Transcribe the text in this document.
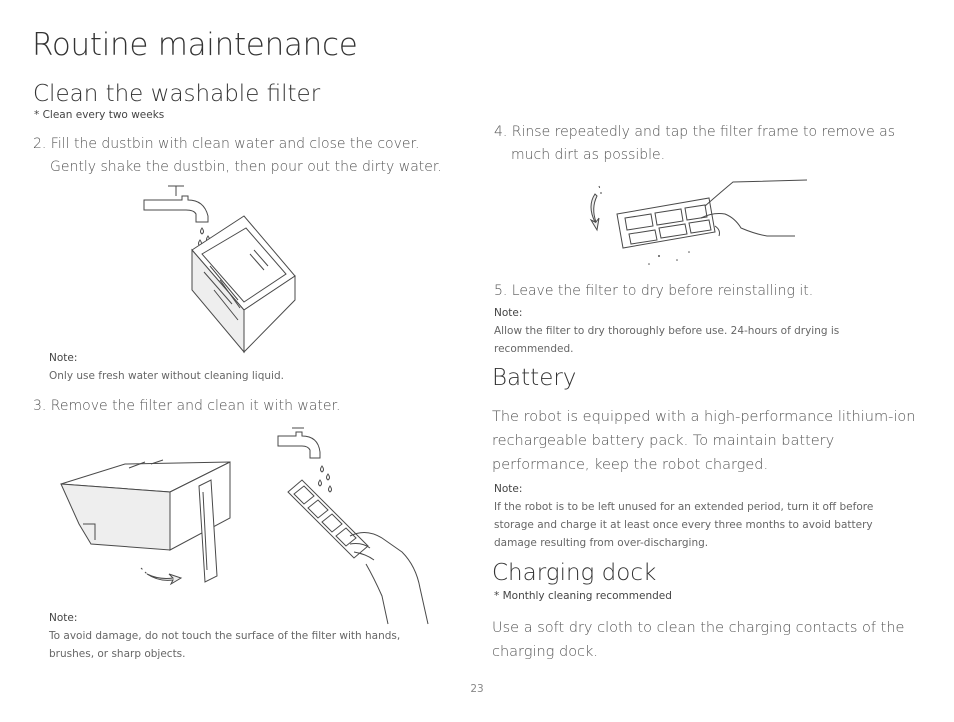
Routine maintenance
Clean the washable filter
* Clean every two weeks
2. Fill the dustbin with clean water and close the cover.
Gently shake the dustbin, then pour out the dirty water.
Note:
Only use fresh water without cleaning liquid.
3. Remove the filter and clean it with water.
Note:
To avoid damage, do not touch the surface of the filter with hands,
brushes, or sharp objects.
4. Rinse repeatedly and tap the filter frame to remove as
much dirt as possible.
5. Leave the filter to dry before reinstalling it.
Note:
Allow the filter to dry thoroughly before use. 24-hours of drying is
recommended.
Battery
The robot is equipped with a high-performance lithium-ion
rechargeable battery pack. To maintain battery
performance, keep the robot charged.
Note:
If the robot is to be left unused for an extended period, turn it off before
storage and charge it at least once every three months to avoid battery
damage resulting from over-discharging.
Charging dock
* Monthly cleaning recommended
Use a soft dry cloth to clean the charging contacts of the
charging dock.
23
